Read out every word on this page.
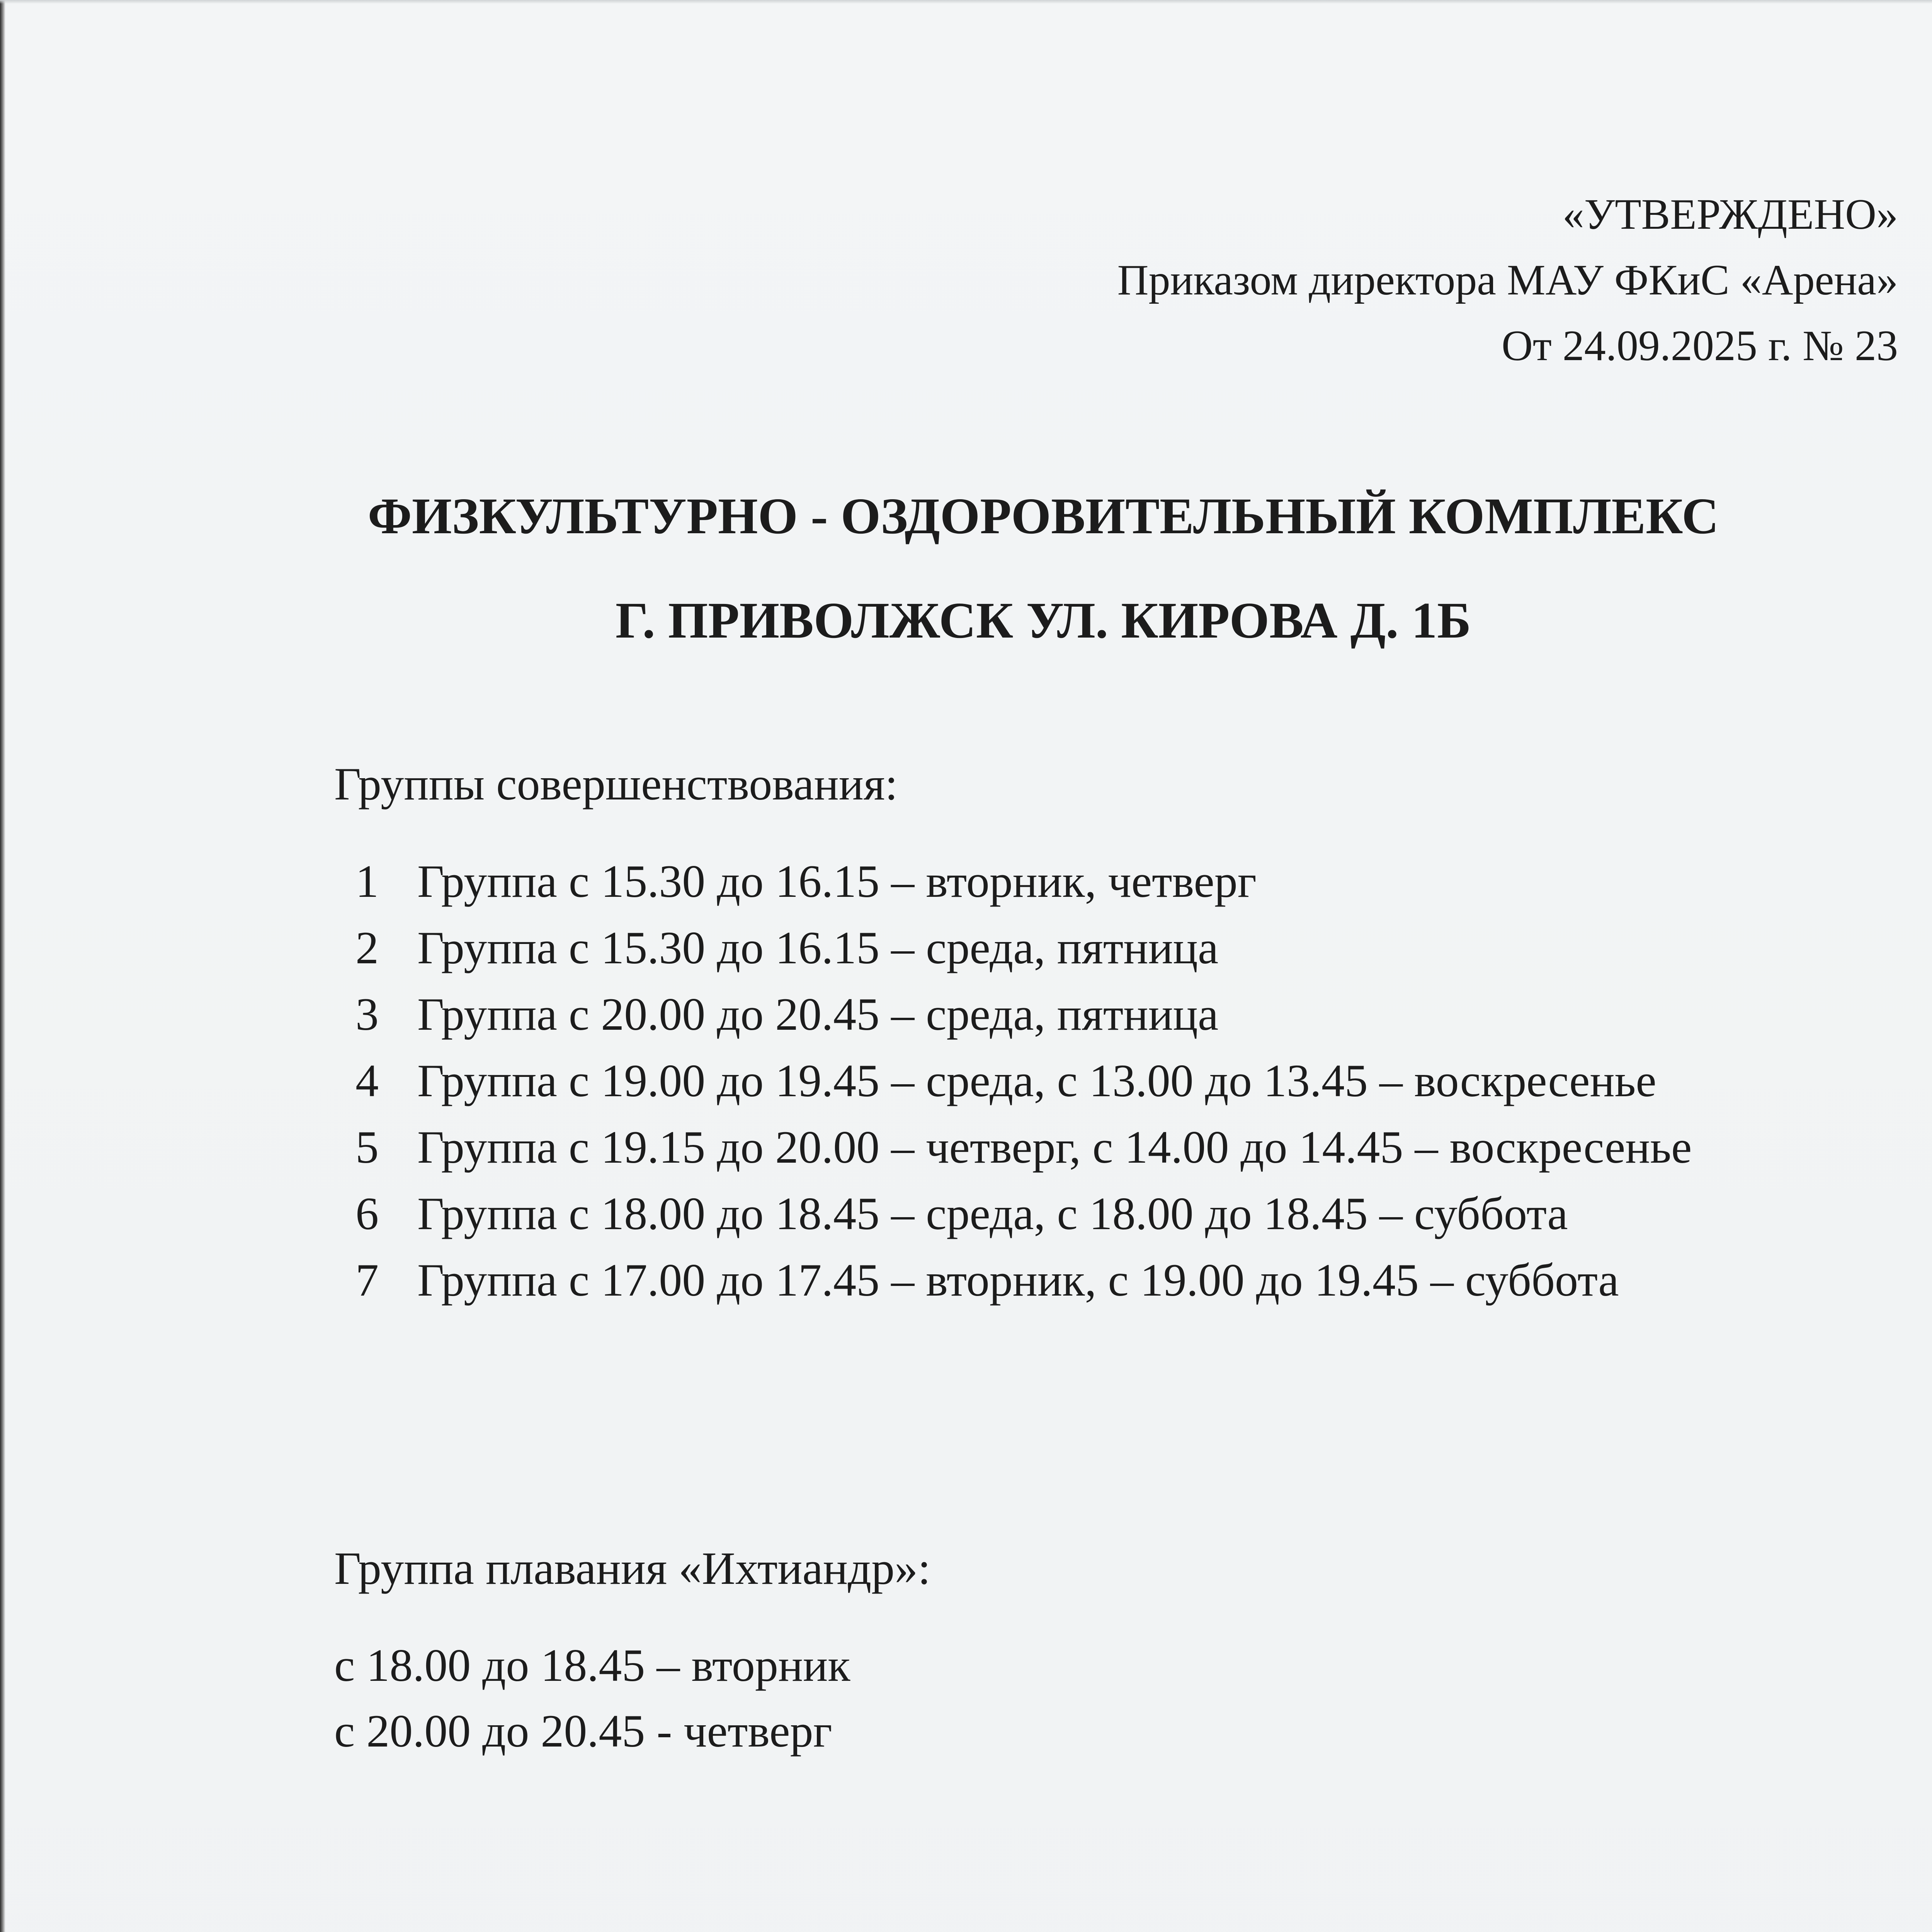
«УТВЕРЖДЕНО»
Приказом директора МАУ ФКиС «Арена»
От 24.09.2025 г. № 23
ФИЗКУЛЬТУРНО - ОЗДОРОВИТЕЛЬНЫЙ КОМПЛЕКС
Г. ПРИВОЛЖСК УЛ. КИРОВА Д. 1Б
Группы совершенствования:
1 Группа с 15.30 до 16.15 – вторник, четверг
2 Группа с 15.30 до 16.15 – среда, пятница
3 Группа с 20.00 до 20.45 – среда, пятница
4 Группа с 19.00 до 19.45 – среда, с 13.00 до 13.45 – воскресенье
5 Группа с 19.15 до 20.00 – четверг, с 14.00 до 14.45 – воскресенье
6 Группа с 18.00 до 18.45 – среда, с 18.00 до 18.45 – суббота
7 Группа с 17.00 до 17.45 – вторник, с 19.00 до 19.45 – суббота
Группа плавания «Ихтиандр»:
с 18.00 до 18.45 – вторник
с 20.00 до 20.45 - четверг
